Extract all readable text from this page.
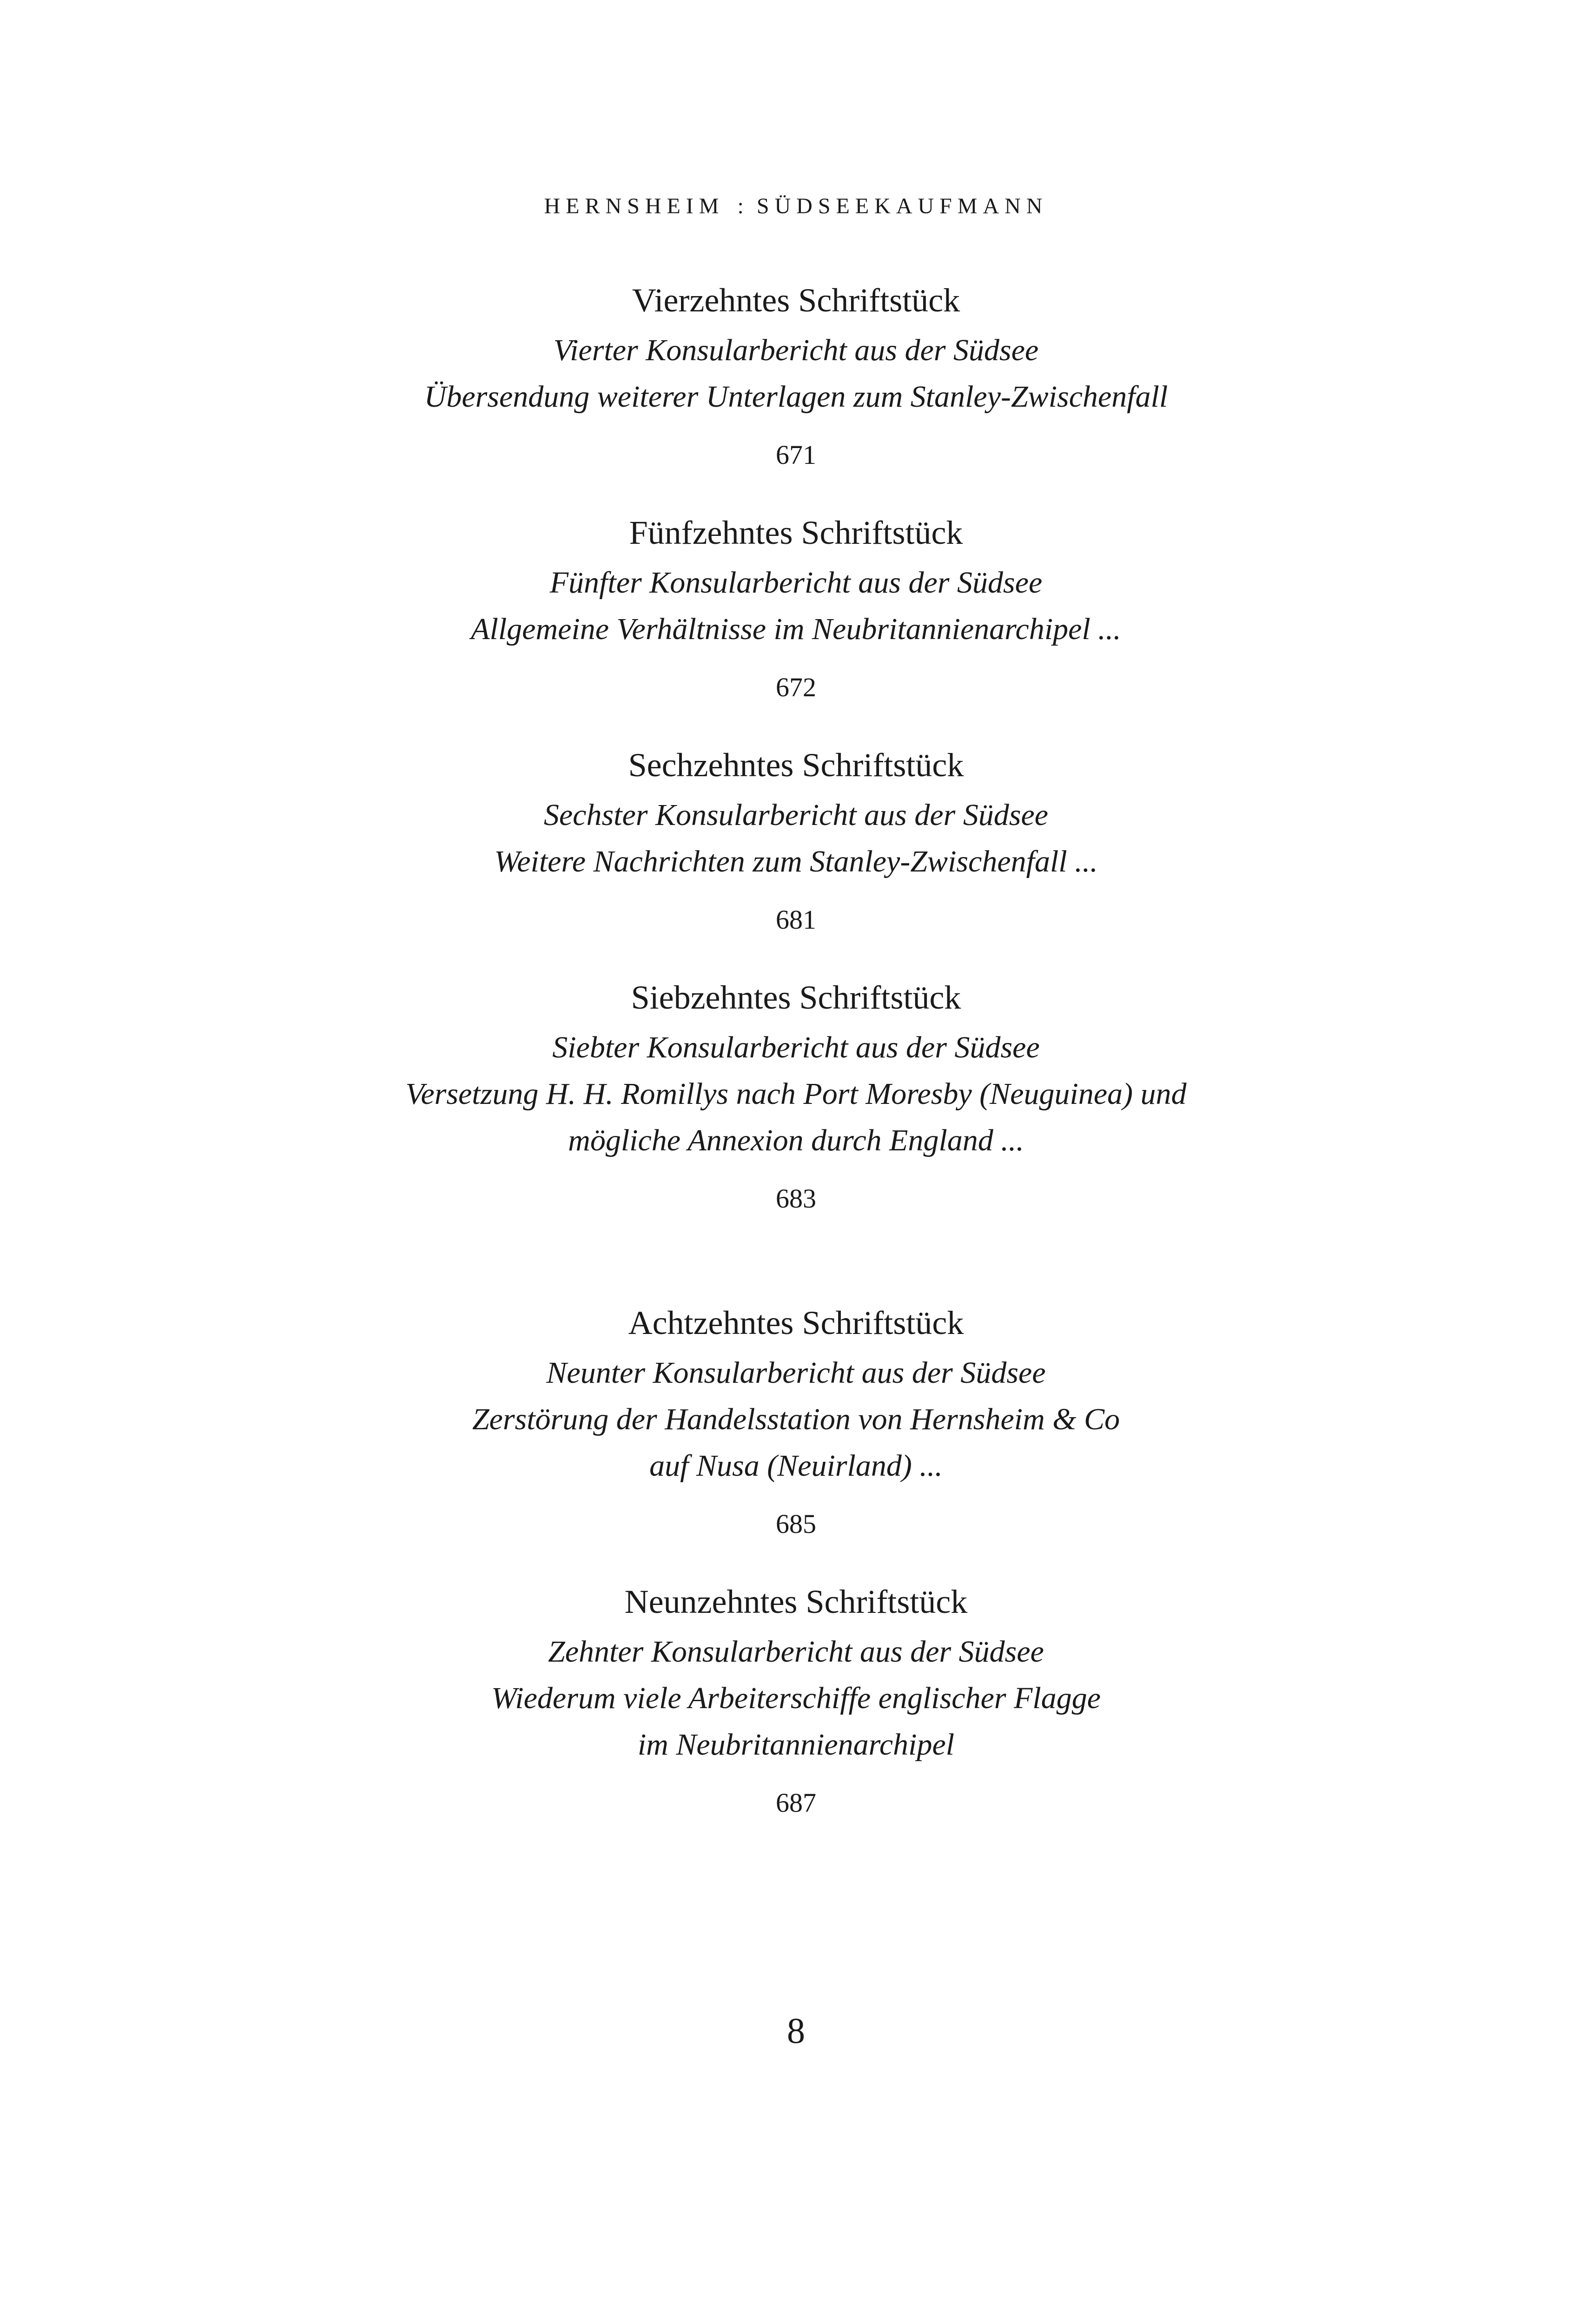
HERNSHEIM : SÜDSEEKAUFMANN
Vierzehntes Schriftstück
Vierter Konsularbericht aus der Südsee
Übersendung weiterer Unterlagen zum Stanley-Zwischenfall
671
Fünfzehntes Schriftstück
Fünfter Konsularbericht aus der Südsee
Allgemeine Verhältnisse im Neubritannienarchipel ...
672
Sechzehntes Schriftstück
Sechster Konsularbericht aus der Südsee
Weitere Nachrichten zum Stanley-Zwischenfall ...
681
Siebzehntes Schriftstück
Siebter Konsularbericht aus der Südsee
Versetzung H. H. Romillys nach Port Moresby (Neuguinea) und
mögliche Annexion durch England ...
683
Achtzehntes Schriftstück
Neunter Konsularbericht aus der Südsee
Zerstörung der Handelsstation von Hernsheim & Co
auf Nusa (Neuirland) ...
685
Neunzehntes Schriftstück
Zehnter Konsularbericht aus der Südsee
Wiederum viele Arbeiterschiffe englischer Flagge
im Neubritannienarchipel
687
8
